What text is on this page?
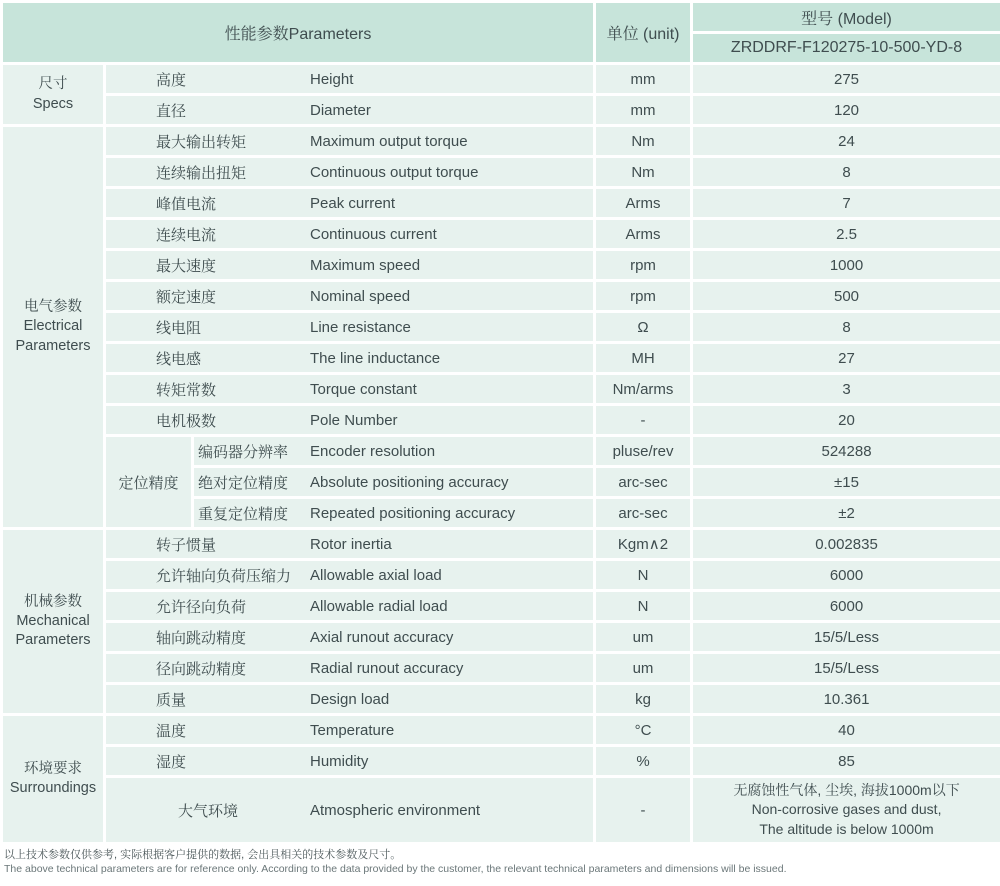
性能参数Parameters			单位 (unit)	型号 (Model)
				ZRDDRF-F120275-10-500-YD-8

尺寸
Specs	高度 Height		mm	275
	直径 Diameter		mm	120

电气参数
Electrical Parameters	最大输出转矩 Maximum output torque		Nm	24
	连续输出扭矩 Continuous output torque		Nm	8
	峰值电流 Peak current		Arms	7
	连续电流 Continuous current		Arms	2.5
	最大速度 Maximum speed		rpm	1000
	额定速度 Nominal speed		rpm	500
	线电阻 Line resistance		Ω	8
	线电感 The line inductance		MH	27
	转矩常数 Torque constant		Nm/arms	3
	电机极数 Pole Number		-	20
	定位精度	编码器分辨率 Encoder resolution	pluse/rev	524288
		绝对定位精度 Absolute positioning accuracy	arc-sec	±15
		重复定位精度 Repeated positioning accuracy	arc-sec	±2

机械参数
Mechanical Parameters	转子惯量 Rotor inertia		Kgm∧2	0.002835
	允许轴向负荷压缩力 Allowable axial load		N	6000
	允许径向负荷 Allowable radial load		N	6000
	轴向跳动精度 Axial runout accuracy		um	15/5/Less
	径向跳动精度 Radial runout accuracy		um	15/5/Less
	质量 Design load		kg	10.361

环境要求
Surroundings	温度 Temperature		°C	40
	湿度 Humidity		%	85
	大气环境 Atmospheric environment		-	无腐蚀性气体, 尘埃, 海拔1000m以下
Non-corrosive gases and dust,
The altitude is below 1000m
以上技术参数仅供参考, 实际根据客户提供的数据, 会出具相关的技术参数及尺寸。
The above technical parameters are for reference only. According to the data provided by the customer, the relevant technical parameters and dimensions will be issued.
